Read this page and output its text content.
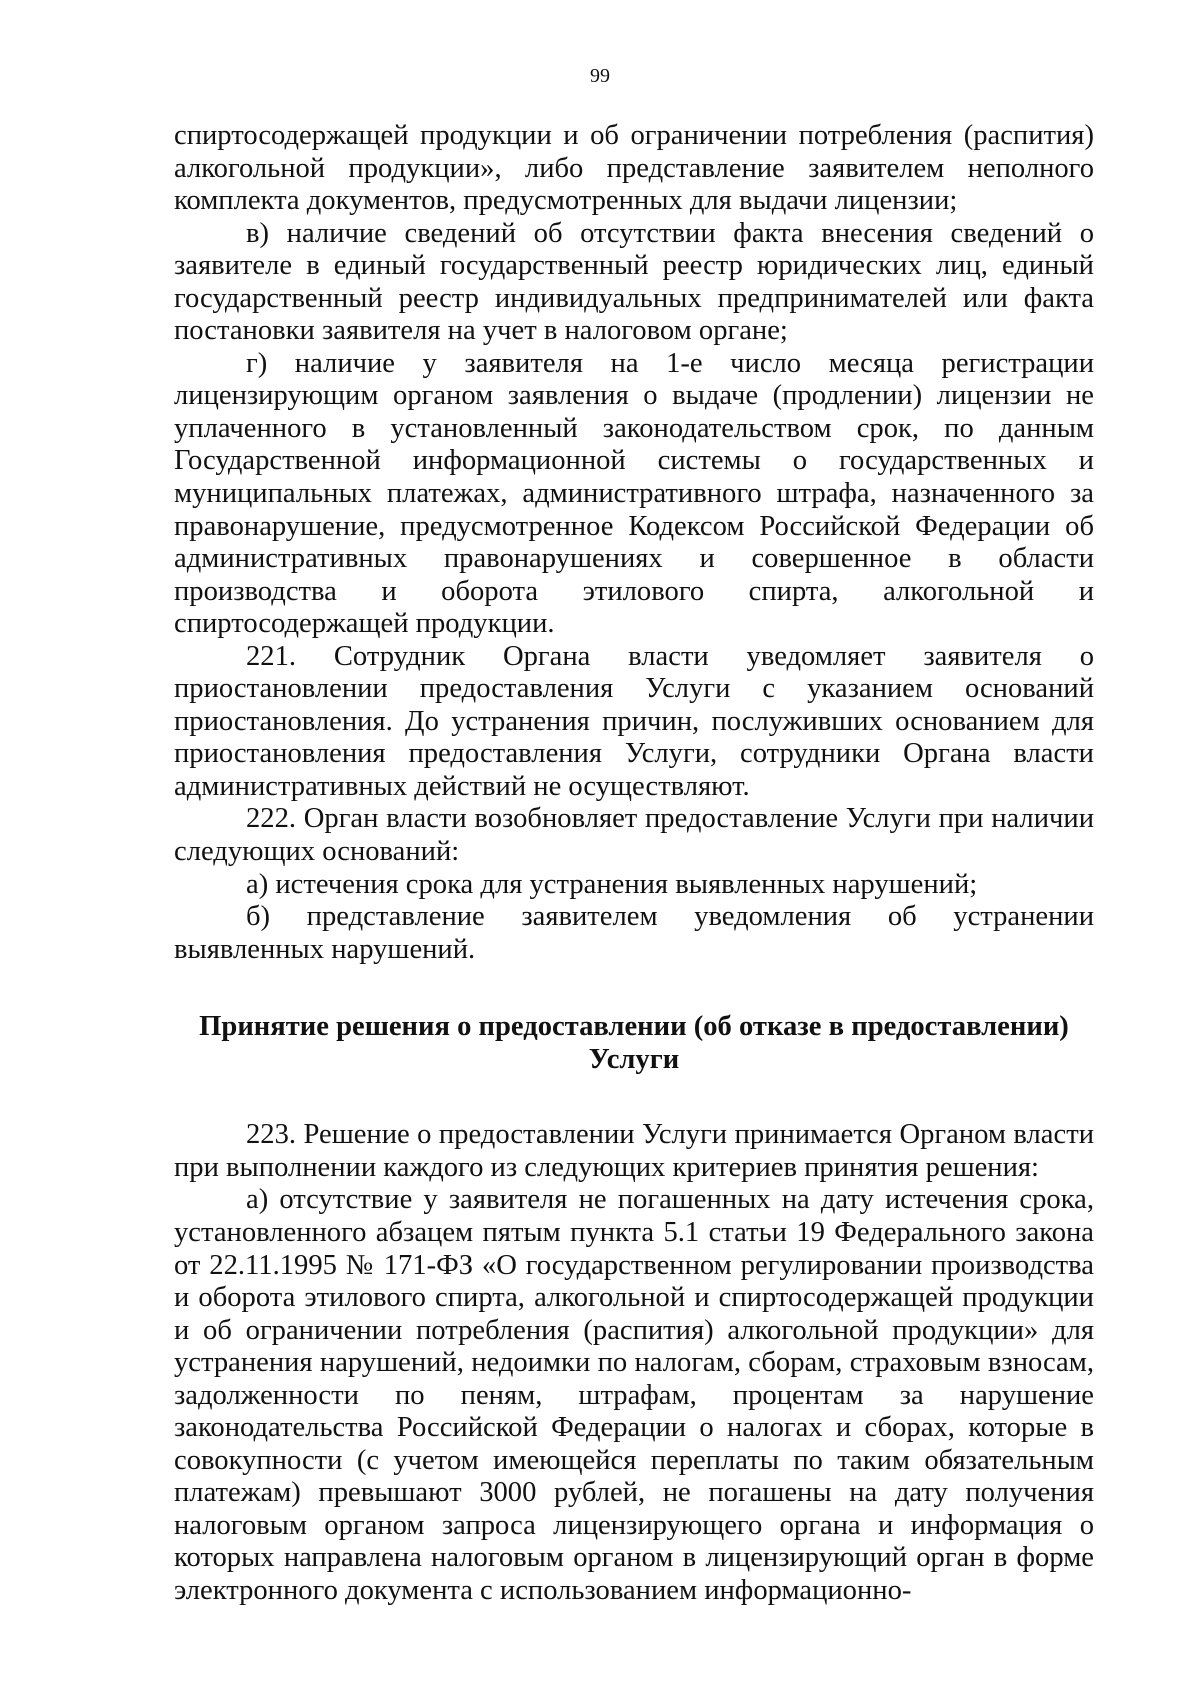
99

спиртосодержащей продукции и об ограничении потребления (распития) алкогольной продукции», либо представление заявителем неполного комплекта документов, предусмотренных для выдачи лицензии;

в) наличие сведений об отсутствии факта внесения сведений о заявителе в единый государственный реестр юридических лиц, единый государственный реестр индивидуальных предпринимателей или факта постановки заявителя на учет в налоговом органе;

г) наличие у заявителя на 1-е число месяца регистрации лицензирующим органом заявления о выдаче (продлении) лицензии не уплаченного в установленный законодательством срок, по данным Государственной информационной системы о государственных и муниципальных платежах, административного штрафа, назначенного за правонарушение, предусмотренное Кодексом Российской Федерации об административных правонарушениях и совершенное в области производства и оборота этилового спирта, алкогольной и спиртосодержащей продукции.

221. Сотрудник Органа власти уведомляет заявителя о приостановлении предоставления Услуги с указанием оснований приостановления. До устранения причин, послуживших основанием для приостановления предоставления Услуги, сотрудники Органа власти административных действий не осуществляют.

222. Орган власти возобновляет предоставление Услуги при наличии следующих оснований:

а) истечения срока для устранения выявленных нарушений;

б) представление заявителем уведомления об устранении выявленных нарушений.

Принятие решения о предоставлении (об отказе в предоставлении)
Услуги

223. Решение о предоставлении Услуги принимается Органом власти при выполнении каждого из следующих критериев принятия решения:

а) отсутствие у заявителя не погашенных на дату истечения срока, установленного абзацем пятым пункта 5.1 статьи 19 Федерального закона от 22.11.1995 № 171-ФЗ «О государственном регулировании производства и оборота этилового спирта, алкогольной и спиртосодержащей продукции и об ограничении потребления (распития) алкогольной продукции» для устранения нарушений, недоимки по налогам, сборам, страховым взносам, задолженности по пеням, штрафам, процентам за нарушение законодательства Российской Федерации о налогах и сборах, которые в совокупности (с учетом имеющейся переплаты по таким обязательным платежам) превышают 3000 рублей, не погашены на дату получения налоговым органом запроса лицензирующего органа и информация о которых направлена налоговым органом в лицензирующий орган в форме электронного документа с использованием информационно-
